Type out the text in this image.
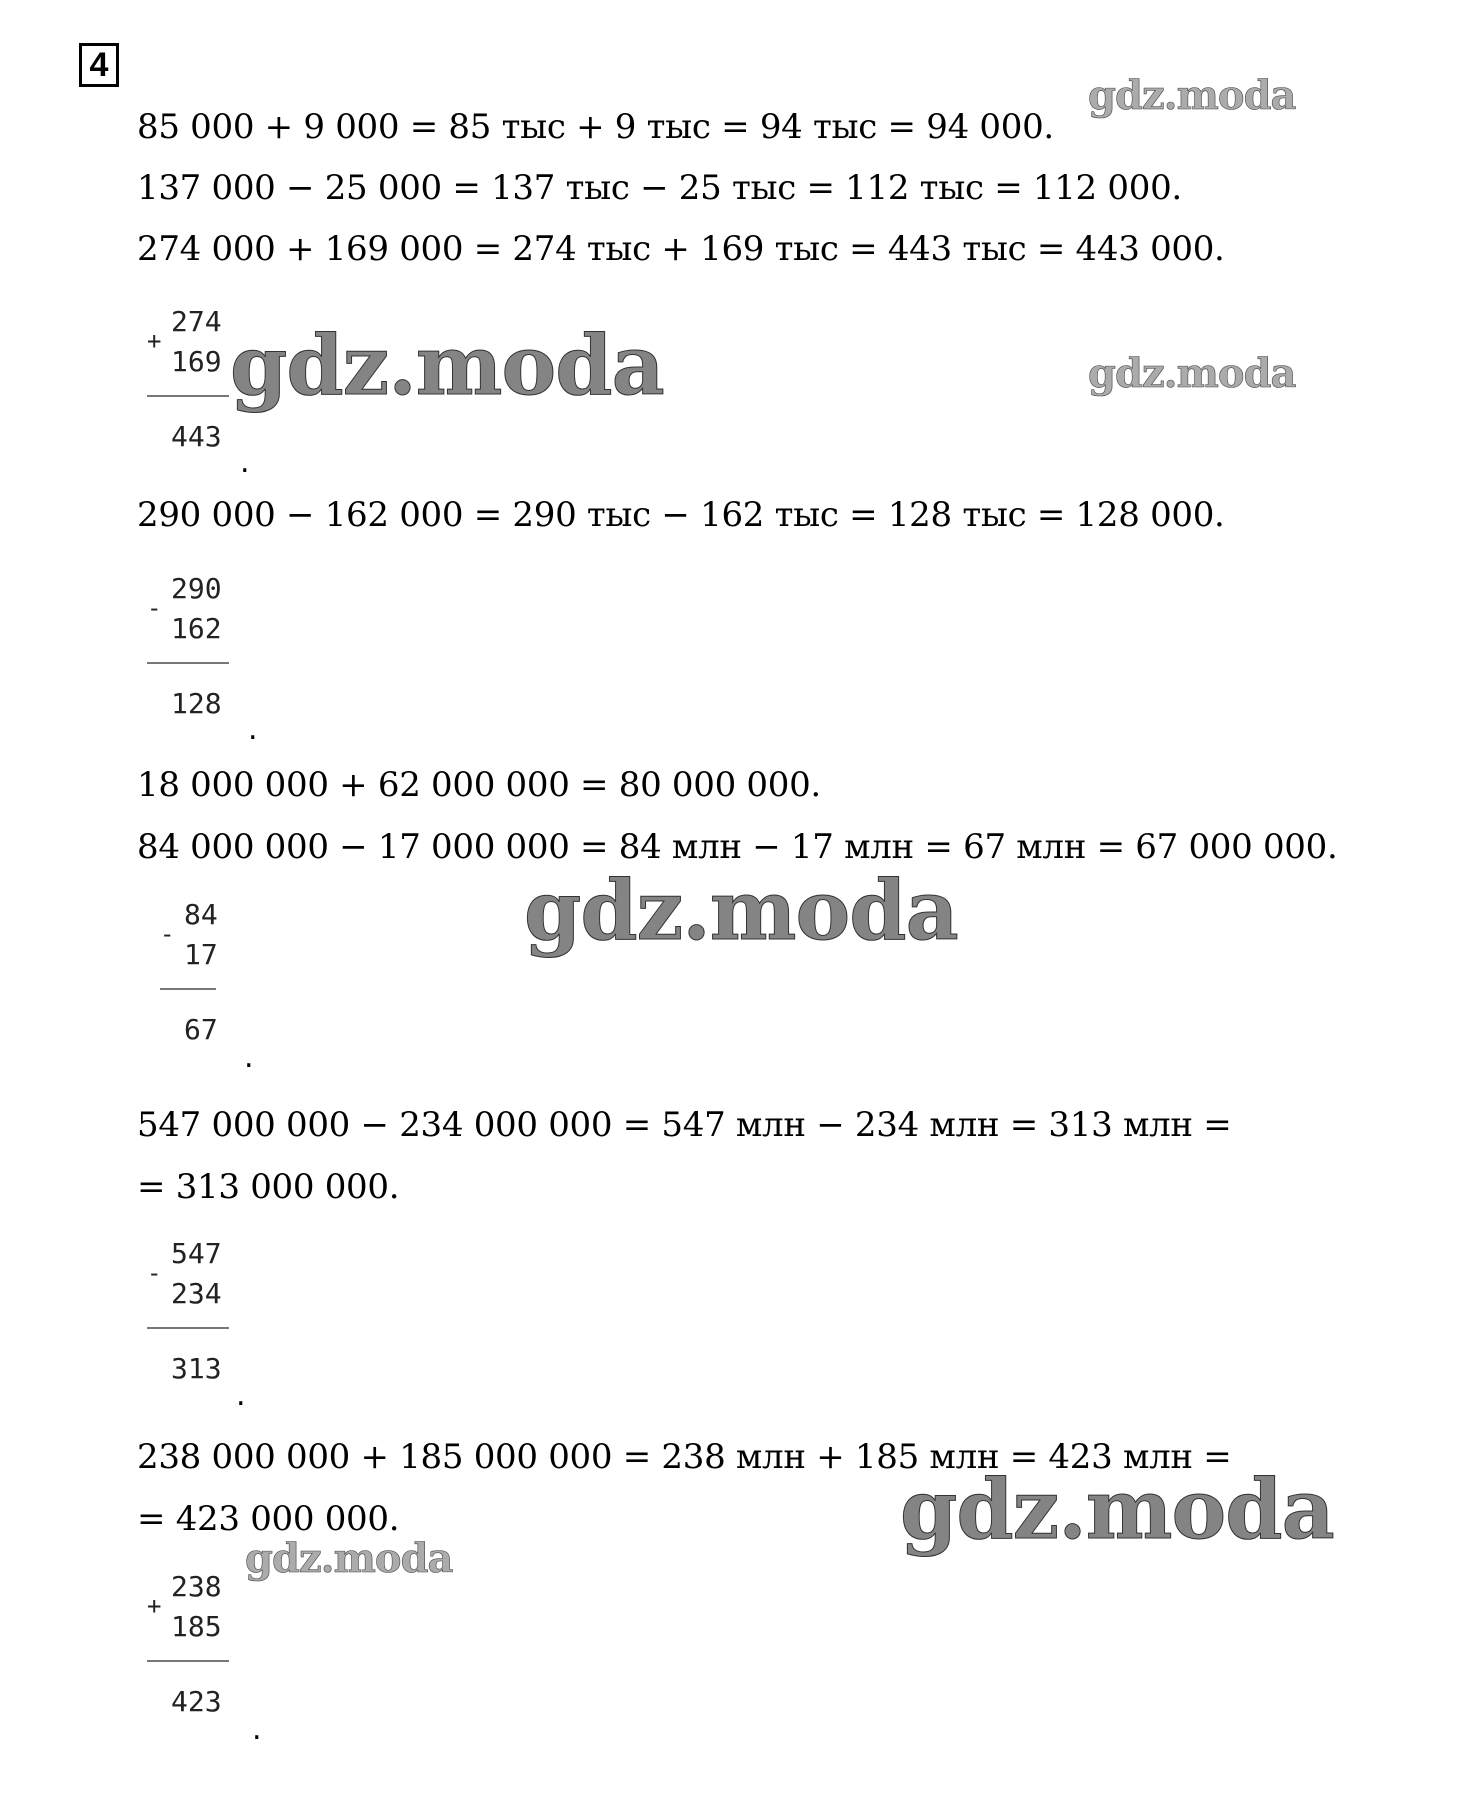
4
85 000 + 9 000 = 85 тыс + 9 тыс = 94 тыс = 94 000.
137 000 − 25 000 = 137 тыс − 25 тыс = 112 тыс = 112 000.
274 000 + 169 000 = 274 тыс + 169 тыс = 443 тыс = 443 000.
290 000 − 162 000 = 290 тыс − 162 тыс = 128 тыс = 128 000.
18 000 000 + 62 000 000 = 80 000 000.
84 000 000 − 17 000 000 = 84 млн − 17 млн = 67 млн = 67 000 000.
547 000 000 − 234 000 000 = 547 млн − 234 млн = 313 млн =
= 313 000 000.
238 000 000 + 185 000 000 = 238 млн + 185 млн = 423 млн =
= 423 000 000.
274
+
169
443
.
290
-
162
128
.
84
-
17
67
.
547
-
234
313
.
238
+
185
423
.
gdz.moda
gdz.moda
gdz.moda
gdz.moda
gdz.moda
gdz.moda
